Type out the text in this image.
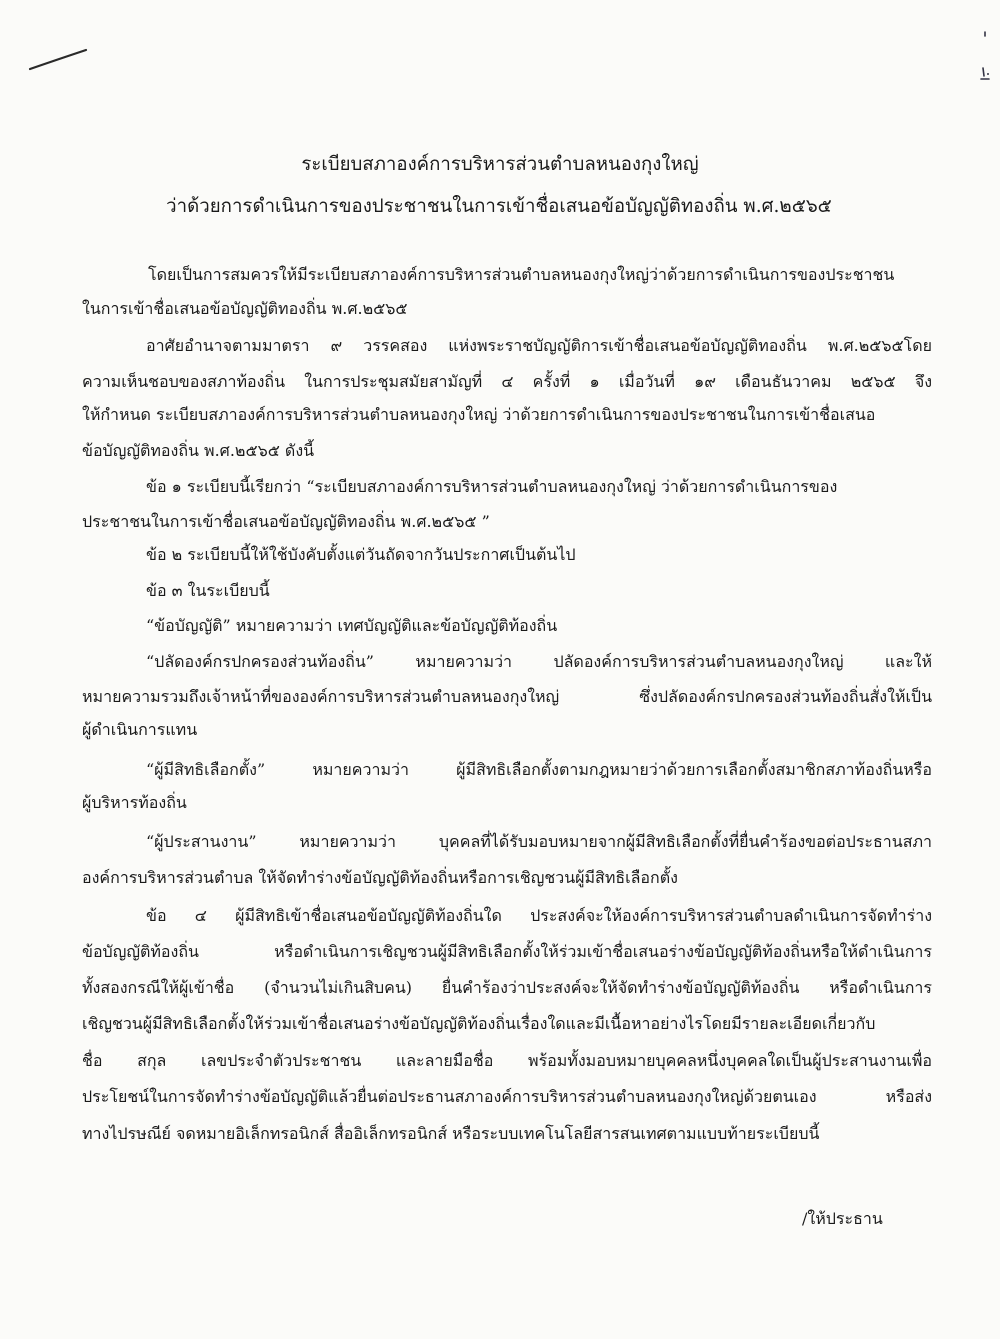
ระเบียบสภาองค์การบริหารส่วนตำบลหนองกุงใหญ่
ว่าด้วยการดำเนินการของประชาชนในการเข้าชื่อเสนอข้อบัญญัติทองถิ่น พ.ศ.๒๕๖๕
โดยเป็นการสมควรให้มีระเบียบสภาองค์การบริหารส่วนตำบลหนองกุงใหญ่ว่าด้วยการดำเนินการของประชาชน
ในการเข้าชื่อเสนอข้อบัญญัติทองถิ่น พ.ศ.๒๕๖๕
อาศัยอำนาจตามมาตรา ๙ วรรคสอง แห่งพระราชบัญญัติการเข้าชื่อเสนอข้อบัญญัติทองถิ่น พ.ศ.๒๕๖๕โดย
ความเห็นชอบของสภาท้องถิ่น ในการประชุมสมัยสามัญที่ ๔ ครั้งที่ ๑ เมื่อวันที่ ๑๙ เดือนธันวาคม ๒๕๖๕ จึง
ให้กำหนด ระเบียบสภาองค์การบริหารส่วนตำบลหนองกุงใหญ่ ว่าด้วยการดำเนินการของประชาชนในการเข้าชื่อเสนอ
ข้อบัญญัติทองถิ่น พ.ศ.๒๕๖๕ ดังนี้
ข้อ ๑ ระเบียบนี้เรียกว่า “ระเบียบสภาองค์การบริหารส่วนตำบลหนองกุงใหญ่ ว่าด้วยการดำเนินการของ
ประชาชนในการเข้าชื่อเสนอข้อบัญญัติทองถิ่น พ.ศ.๒๕๖๕ ”
ข้อ ๒ ระเบียบนี้ให้ใช้บังคับตั้งแต่วันถัดจากวันประกาศเป็นต้นไป
ข้อ ๓ ในระเบียบนี้
“ข้อบัญญัติ” หมายความว่า เทศบัญญัติและข้อบัญญัติท้องถิ่น
“ปลัดองค์กรปกครองส่วนท้องถิ่น” หมายความว่า ปลัดองค์การบริหารส่วนตำบลหนองกุงใหญ่ และให้
หมายความรวมถึงเจ้าหน้าที่ขององค์การบริหารส่วนตำบลหนองกุงใหญ่ ซึ่งปลัดองค์กรปกครองส่วนท้องถิ่นสั่งให้เป็น
ผู้ดำเนินการแทน
“ผู้มีสิทธิเลือกตั้ง” หมายความว่า ผู้มีสิทธิเลือกตั้งตามกฎหมายว่าด้วยการเลือกตั้งสมาชิกสภาท้องถิ่นหรือ
ผู้บริหารท้องถิ่น
“ผู้ประสานงาน” หมายความว่า บุคคลที่ได้รับมอบหมายจากผู้มีสิทธิเลือกตั้งที่ยื่นคำร้องขอต่อประธานสภา
องค์การบริหารส่วนตำบล ให้จัดทำร่างข้อบัญญัติท้องถิ่นหรือการเชิญชวนผู้มีสิทธิเลือกตั้ง
ข้อ ๔ ผู้มีสิทธิเข้าชื่อเสนอข้อบัญญัติท้องถิ่นใด ประสงค์จะให้องค์การบริหารส่วนตำบลดำเนินการจัดทำร่าง
ข้อบัญญัติท้องถิ่น หรือดำเนินการเชิญชวนผู้มีสิทธิเลือกตั้งให้ร่วมเข้าชื่อเสนอร่างข้อบัญญัติท้องถิ่นหรือให้ดำเนินการ
ทั้งสองกรณีให้ผู้เข้าชื่อ (จำนวนไม่เกินสิบคน) ยื่นคำร้องว่าประสงค์จะให้จัดทำร่างข้อบัญญัติท้องถิ่น หรือดำเนินการ
เชิญชวนผู้มีสิทธิเลือกตั้งให้ร่วมเข้าชื่อเสนอร่างข้อบัญญัติท้องถิ่นเรื่องใดและมีเนื้อหาอย่างไรโดยมีรายละเอียดเกี่ยวกับ
ชื่อ สกุล เลขประจำตัวประชาชน และลายมือชื่อ พร้อมทั้งมอบหมายบุคคลหนึ่งบุคคลใดเป็นผู้ประสานงานเพื่อ
ประโยชน์ในการจัดทำร่างข้อบัญญัติแล้วยื่นต่อประธานสภาองค์การบริหารส่วนตำบลหนองกุงใหญ่ด้วยตนเอง หรือส่ง
ทางไปรษณีย์ จดหมายอิเล็กทรอนิกส์ สื่ออิเล็กทรอนิกส์ หรือระบบเทคโนโลยีสารสนเทศตามแบบท้ายระเบียบนี้
/ให้ประธาน
